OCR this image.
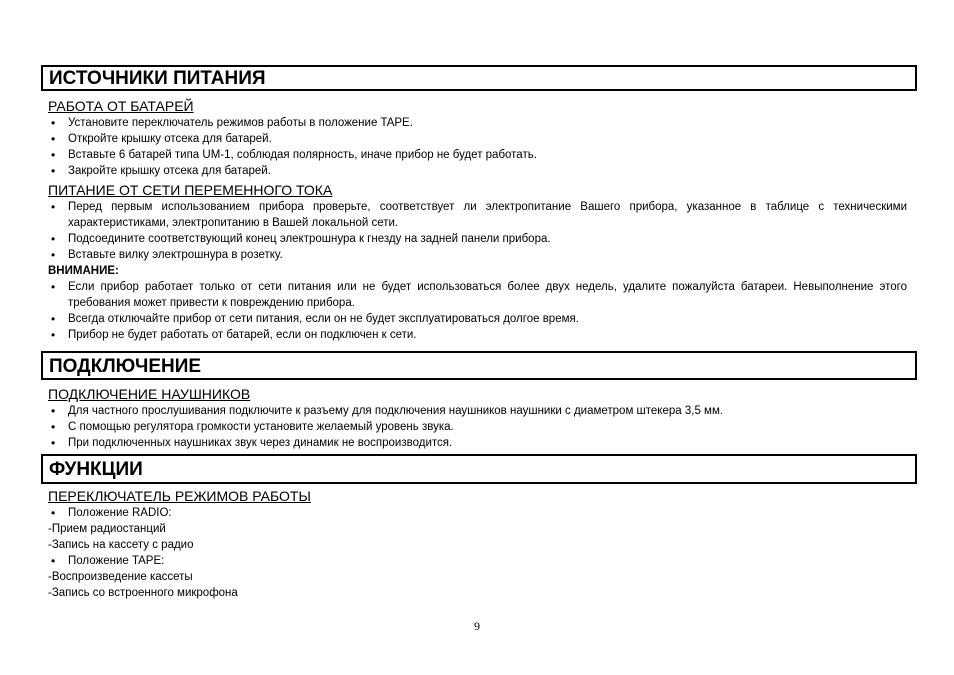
ИСТОЧНИКИ ПИТАНИЯ
РАБОТА ОТ БАТАРЕЙ
• Установите переключатель режимов работы в положение TAPE.
• Откройте крышку отсека для батарей.
• Вставьте 6 батарей типа UM-1, соблюдая полярность, иначе прибор не будет работать.
• Закройте крышку отсека для батарей.
ПИТАНИЕ ОТ СЕТИ ПЕРЕМЕННОГО ТОКА
• Перед первым использованием прибора проверьте, соответствует ли электропитание Вашего прибора, указанное в таблице с техническими характеристиками, электропитанию в Вашей локальной сети.
• Подсоедините соответствующий конец электрошнура к гнезду на задней панели прибора.
• Вставьте вилку электрошнура в розетку.
ВНИМАНИЕ:
• Если прибор работает только от сети питания или не будет использоваться более двух недель, удалите пожалуйста батареи. Невыполнение этого требования может привести к повреждению прибора.
• Всегда отключайте прибор от сети питания, если он не будет эксплуатироваться долгое время.
• Прибор не будет работать от батарей, если он подключен к сети.
ПОДКЛЮЧЕНИЕ
ПОДКЛЮЧЕНИЕ НАУШНИКОВ
• Для частного прослушивания подключите к разъему для подключения наушников наушники с диаметром штекера 3,5 мм.
• С помощью регулятора громкости установите желаемый уровень звука.
• При подключенных наушниках звук через динамик не воспроизводится.
ФУНКЦИИ
ПЕРЕКЛЮЧАТЕЛЬ РЕЖИМОВ РАБОТЫ
• Положение RADIO:
-Прием радиостанций
-Запись на кассету с радио
• Положение TAPE:
-Воспроизведение кассеты
-Запись со встроенного микрофона
9
